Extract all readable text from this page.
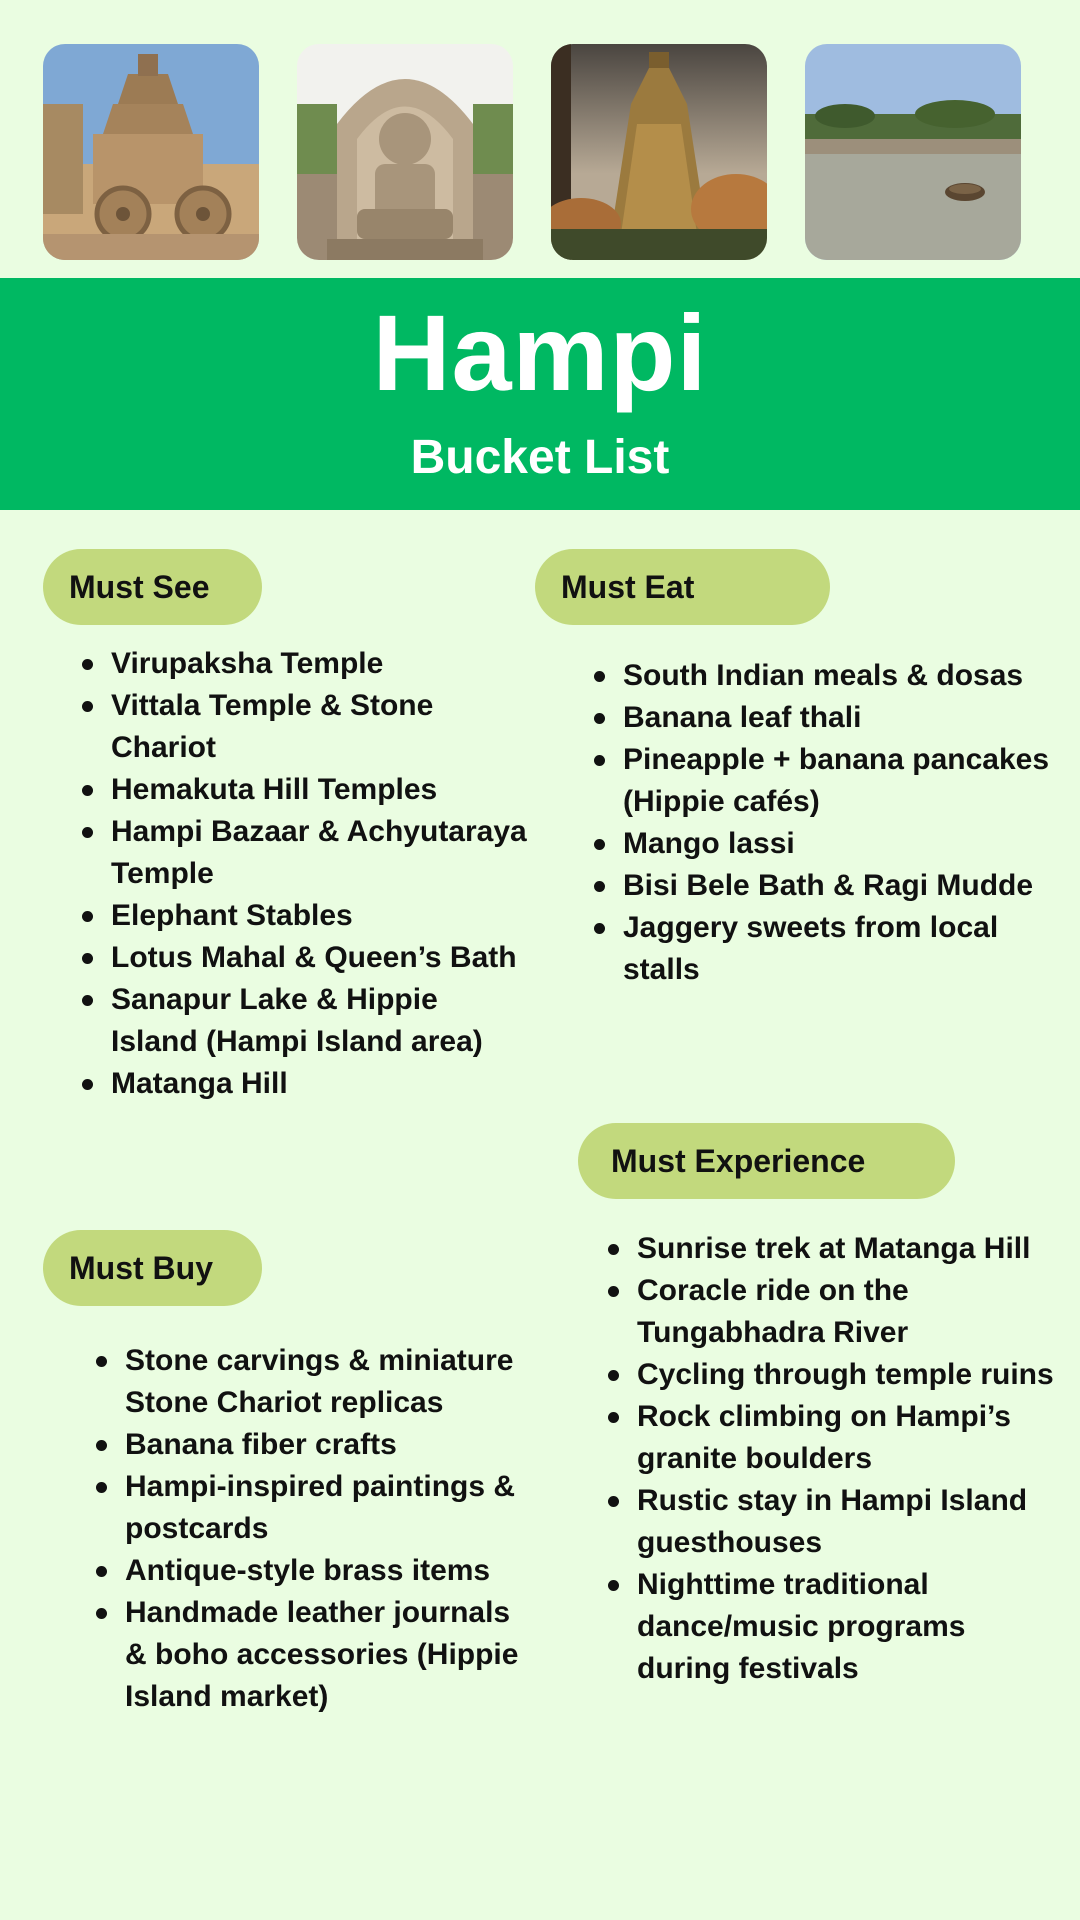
Hampi
Bucket List
Must See
Virupaksha Temple
Vittala Temple & Stone Chariot
Hemakuta Hill Temples
Hampi Bazaar & Achyutaraya Temple
Elephant Stables
Lotus Mahal & Queen’s Bath
Sanapur Lake & Hippie Island (Hampi Island area)
Matanga Hill
Must Eat
South Indian meals & dosas
Banana leaf thali
Pineapple + banana pancakes (Hippie cafés)
Mango lassi
Bisi Bele Bath & Ragi Mudde
Jaggery sweets from local stalls
Must Buy
Stone carvings & miniature Stone Chariot replicas
Banana fiber crafts
Hampi-inspired paintings & postcards
Antique-style brass items
Handmade leather journals & boho accessories (Hippie Island market)
Must Experience
Sunrise trek at Matanga Hill
Coracle ride on the Tungabhadra River
Cycling through temple ruins
Rock climbing on Hampi’s granite boulders
Rustic stay in Hampi Island guesthouses
Nighttime traditional dance/music programs during festivals
